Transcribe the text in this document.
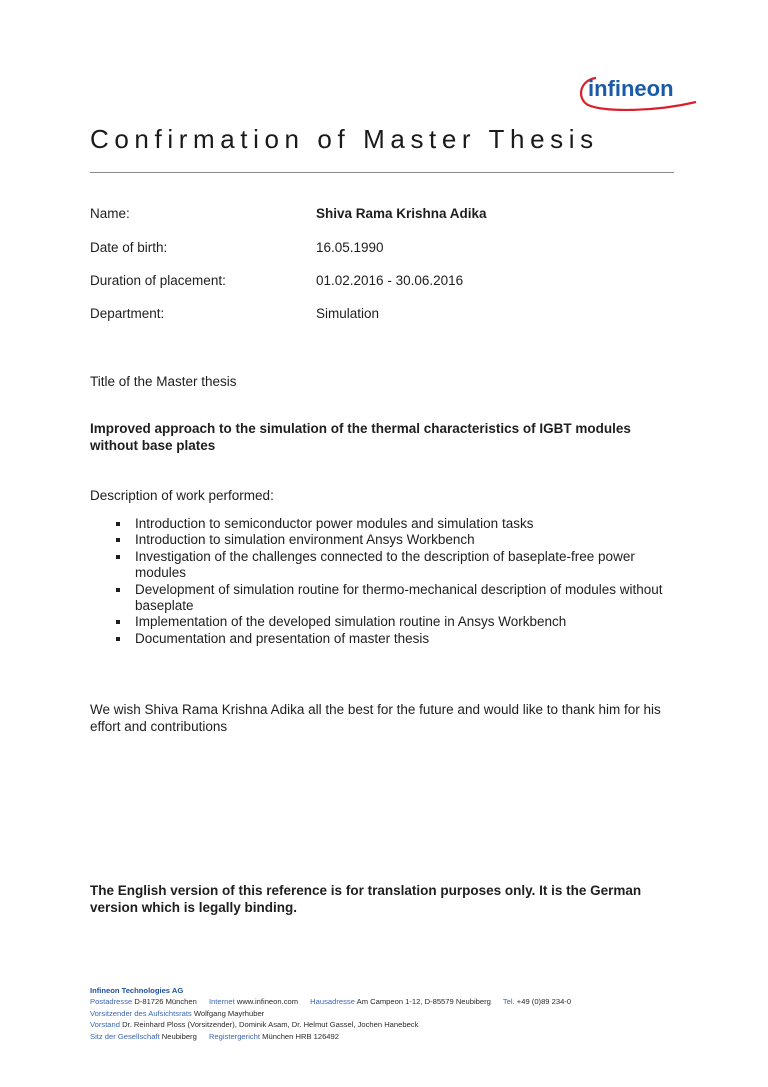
infineon
Confirmation of Master Thesis
Name:	Shiva Rama Krishna Adika
Date of birth:	16.05.1990
Duration of placement:	01.02.2016 - 30.06.2016
Department:	Simulation
Title of the Master thesis
Improved approach to the simulation of the thermal characteristics of IGBT modules without base plates
Description of work performed:
Introduction to semiconductor power modules and simulation tasks
Introduction to simulation environment Ansys Workbench
Investigation of the challenges connected to the description of baseplate-free power modules
Development of simulation routine for thermo-mechanical description of modules without baseplate
Implementation of the developed simulation routine in Ansys Workbench
Documentation and presentation of master thesis
We wish Shiva Rama Krishna Adika all the best for the future and would like to thank him for his effort and contributions
The English version of this reference is for translation purposes only. It is the German version which is legally binding.
Infineon Technologies AG
Postadresse D-81726 München Internet www.infineon.com Hausadresse Am Campeon 1-12, D-85579 Neubiberg Tel. +49 (0)89 234-0
Vorsitzender des Aufsichtsrats Wolfgang Mayrhuber
Vorstand Dr. Reinhard Ploss (Vorsitzender), Dominik Asam, Dr. Helmut Gassel, Jochen Hanebeck
Sitz der Gesellschaft Neubiberg Registergericht München HRB 126492
